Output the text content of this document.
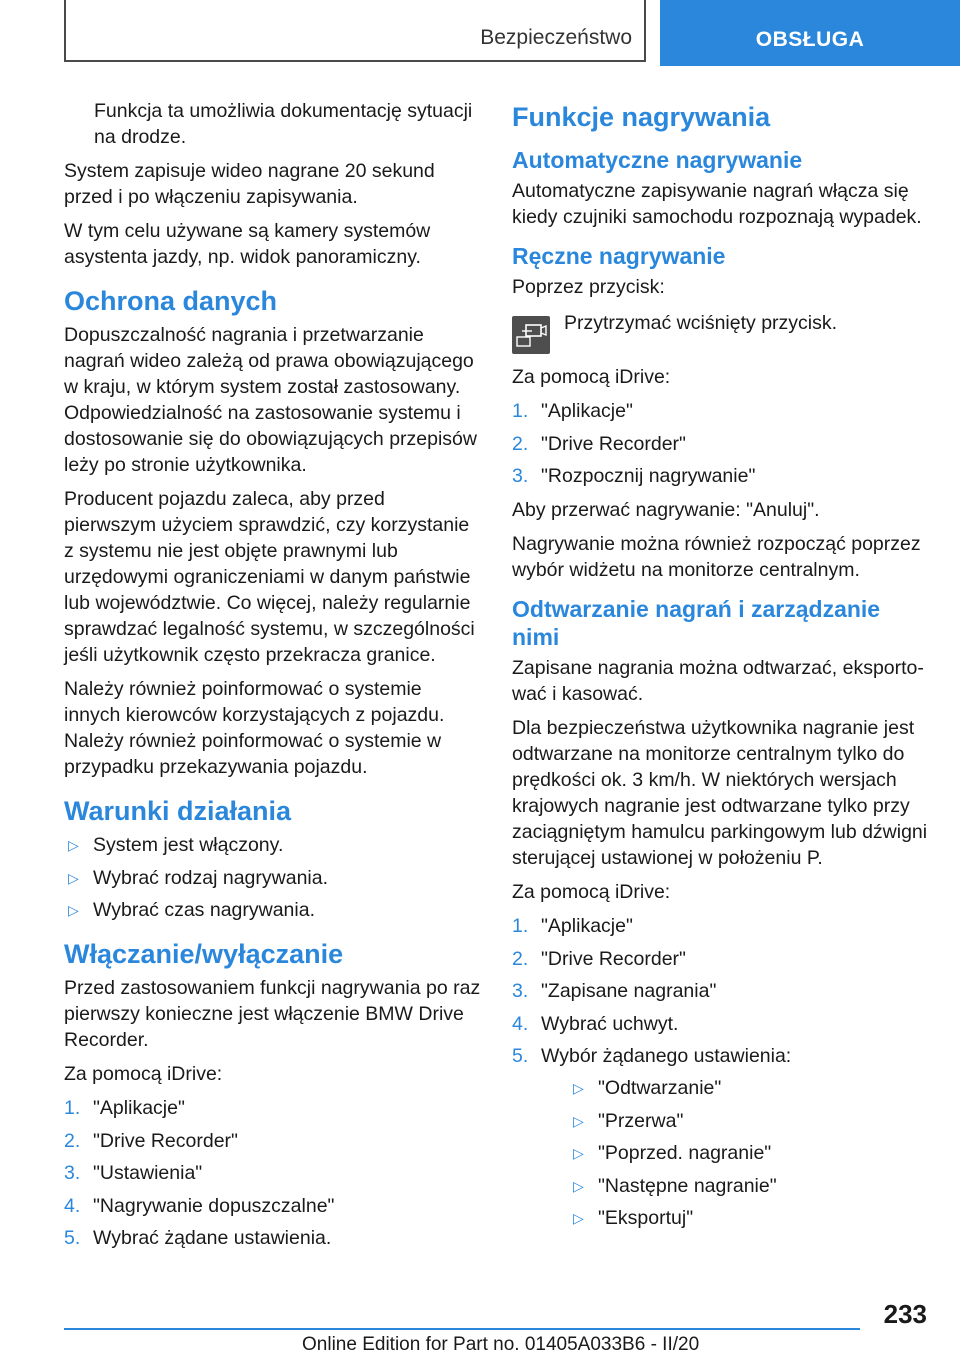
Bezpieczeństwo	OBSŁUGA

Funkcja ta umożliwia dokumentację sytuacji na drodze.

System zapisuje wideo nagrane 20 sekund przed i po włączeniu zapisywania.

W tym celu używane są kamery systemów asystenta jazdy, np. widok panoramiczny.

Ochrona danych

Dopuszczalność nagrania i przetwarzanie nagrań wideo zależą od prawa obowiązującego w kraju, w którym system został zastosowany. Odpowiedzialność na zastosowanie systemu i dostosowanie się do obowiązujących przepisów leży po stronie użytkownika.

Producent pojazdu zaleca, aby przed pierwszym użyciem sprawdzić, czy korzystanie z systemu nie jest objęte prawnymi lub urzędowymi ograniczeniami w danym państwie lub województwie. Co więcej, należy regularnie sprawdzać legalność systemu, w szczególności jeśli użytkownik często przekracza granice.

Należy również poinformować o systemie innych kierowców korzystających z pojazdu. Należy również poinformować o systemie w przypadku przekazywania pojazdu.

Warunki działania
▷ System jest włączony.
▷ Wybrać rodzaj nagrywania.
▷ Wybrać czas nagrywania.
Włączanie/wyłączanie

Przed zastosowaniem funkcji nagrywania po raz pierwszy konieczne jest włączenie BMW Drive Recorder.

Za pomocą iDrive:

1. "Aplikacje"
2. "Drive Recorder"
3. "Ustawienia"
4. "Nagrywanie dopuszczalne"
5. Wybrać żądane ustawienia.
Funkcje nagrywania
Automatyczne nagrywanie

Automatyczne zapisywanie nagrań włącza się kiedy czujniki samochodu rozpoznają wypadek.

Ręczne nagrywanie

Poprzez przycisk:

Przytrzymać wciśnięty przycisk.

Za pomocą iDrive:

1. "Aplikacje"
2. "Drive Recorder"
3. "Rozpocznij nagrywanie"

Aby przerwać nagrywanie: "Anuluj".

Nagrywanie można również rozpocząć poprzez wybór widżetu na monitorze centralnym.

Odtwarzanie nagrań i zarządzanie nimi

Zapisane nagrania można odtwarzać, eksportować i kasować.

Dla bezpieczeństwa użytkownika nagranie jest odtwarzane na monitorze centralnym tylko do prędkości ok. 3 km/h. W niektórych wersjach krajowych nagranie jest odtwarzane tylko przy zaciągniętym hamulcu parkingowym lub dźwigni sterującej ustawionej w położeniu P.

Za pomocą iDrive:

1. "Aplikacje"
2. "Drive Recorder"
3. "Zapisane nagrania"
4. Wybrać uchwyt.
5. Wybór żądanego ustawienia:
▷ "Odtwarzanie"
▷ "Przerwa"
▷ "Poprzed. nagranie"
▷ "Następne nagranie"
▷ "Eksportuj"
233
Online Edition for Part no. 01405A033B6 - II/20
